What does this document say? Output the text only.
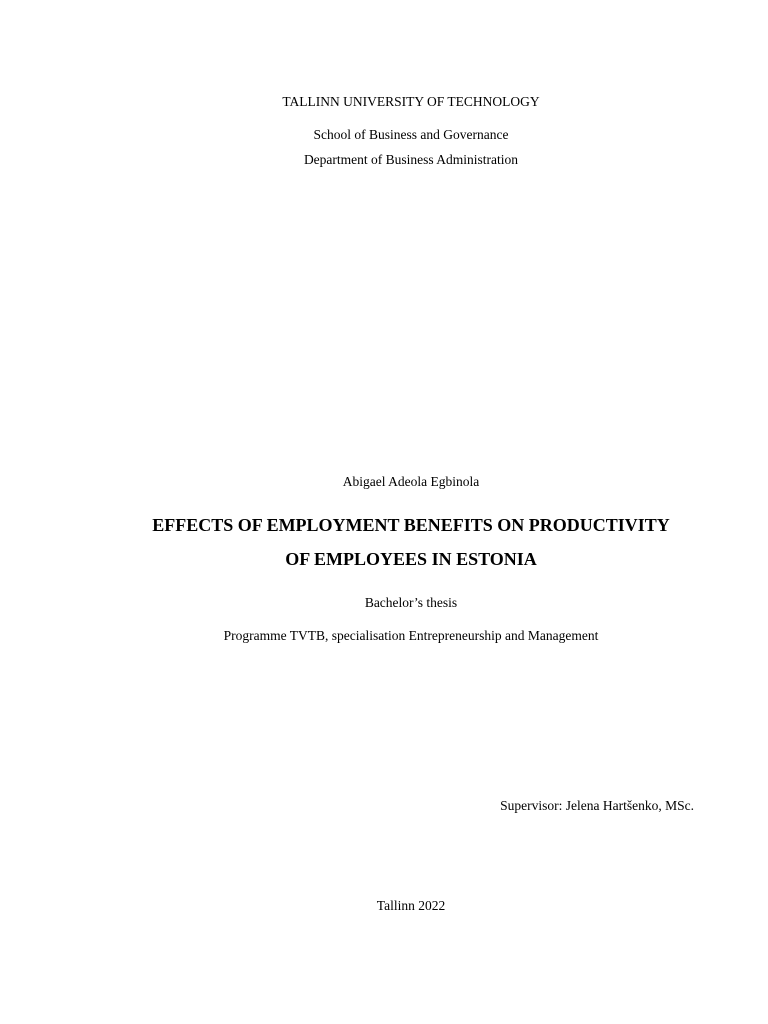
TALLINN UNIVERSITY OF TECHNOLOGY
School of Business and Governance
Department of Business Administration
Abigael Adeola Egbinola
EFFECTS OF EMPLOYMENT BENEFITS ON PRODUCTIVITY
OF EMPLOYEES IN ESTONIA
Bachelor’s thesis
Programme TVTB, specialisation Entrepreneurship and Management
Supervisor: Jelena Hartšenko, MSc.
Tallinn 2022
